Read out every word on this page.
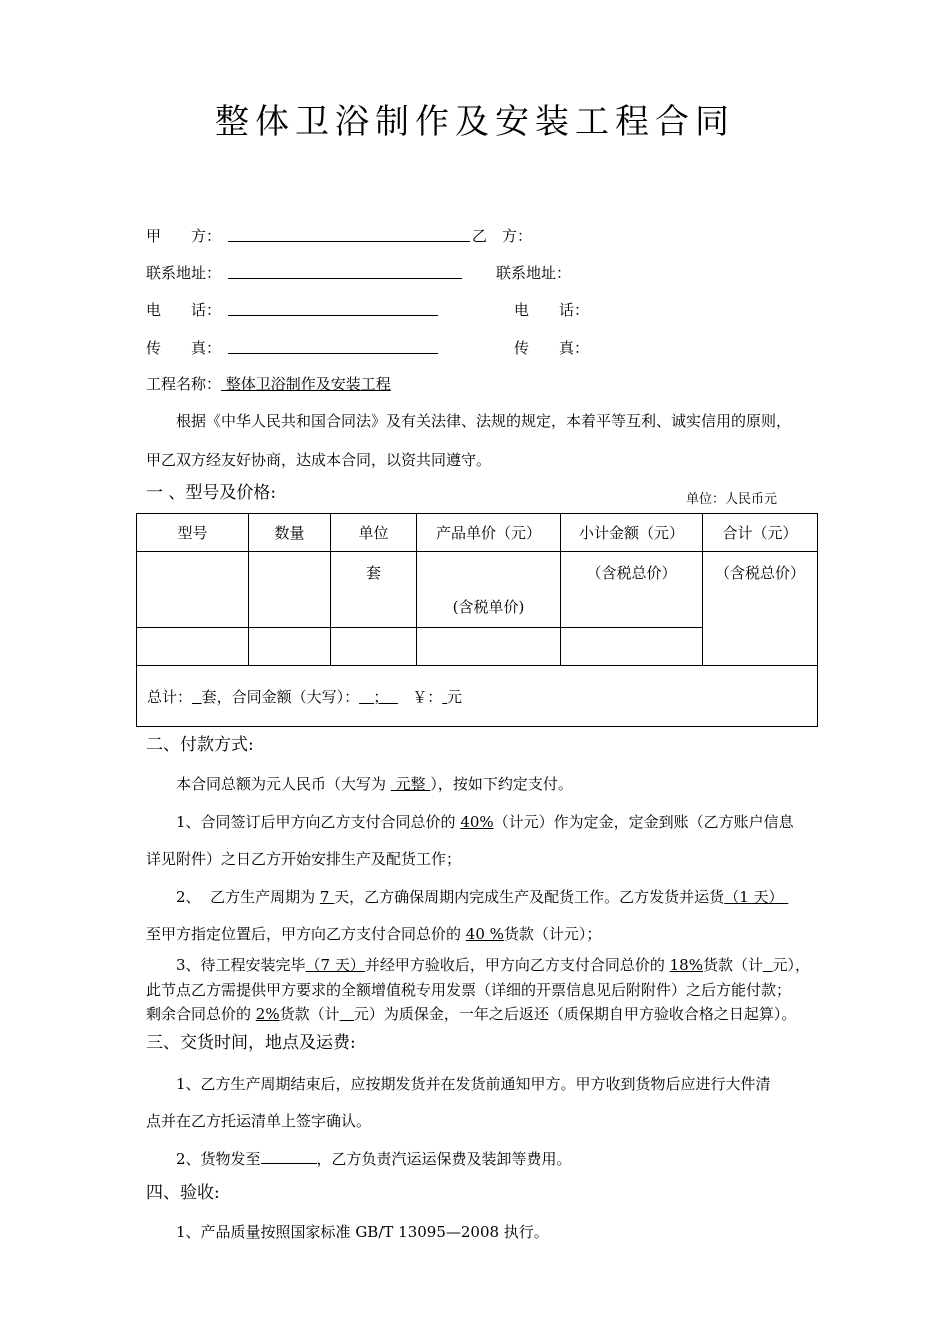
整体卫浴制作及安装工程合同
甲　　方：	乙　方：
联系地址：	联系地址：
电　　话：	电　　话：
传　　真：	传　　真：
工程名称： 整体卫浴制作及安装工程
根据《中华人民共和国合同法》及有关法律、法规的规定，本着平等互利、诚实信用的原则，
甲乙双方经友好协商，达成本合同，以资共同遵守。
一 、型号及价格:	单位：人民币元
型号	数量	单位	产品单价（元）	小计金额（元）	合计（元）
		套	(含税单价)	（含税总价）	（含税总价）

总计： 套，合同金额（大写）：   ；     ￥： 元					
二、付款方式:
本合同总额为元人民币（大写为  元整 ），按如下约定支付。
1、合同签订后甲方向乙方支付合同总价的 40%（计元）作为定金，定金到账（乙方账户信息
详见附件）之日乙方开始安排生产及配货工作；
2、  乙方生产周期为 7 天，乙方确保周期内完成生产及配货工作。乙方发货并运货（1 天）
至甲方指定位置后，甲方向乙方支付合同总价的 40 %货款（计元）；
3、待工程安装完毕（7 天）并经甲方验收后，甲方向乙方支付合同总价的 18%货款（计 元），
此节点乙方需提供甲方要求的全额增值税专用发票（详细的开票信息见后附附件）之后方能付款；
剩余合同总价的 2%货款（计 元）为质保金，一年之后返还（质保期自甲方验收合格之日起算）。
三、交货时间，地点及运费:
1、乙方生产周期结束后，应按期发货并在发货前通知甲方。甲方收到货物后应进行大件清
点并在乙方托运清单上签字确认。
2、货物发至	，乙方负责汽运运保费及装卸等费用。
四、验收:
1、产品质量按照国家标准 GB/T 13095—2008 执行。
